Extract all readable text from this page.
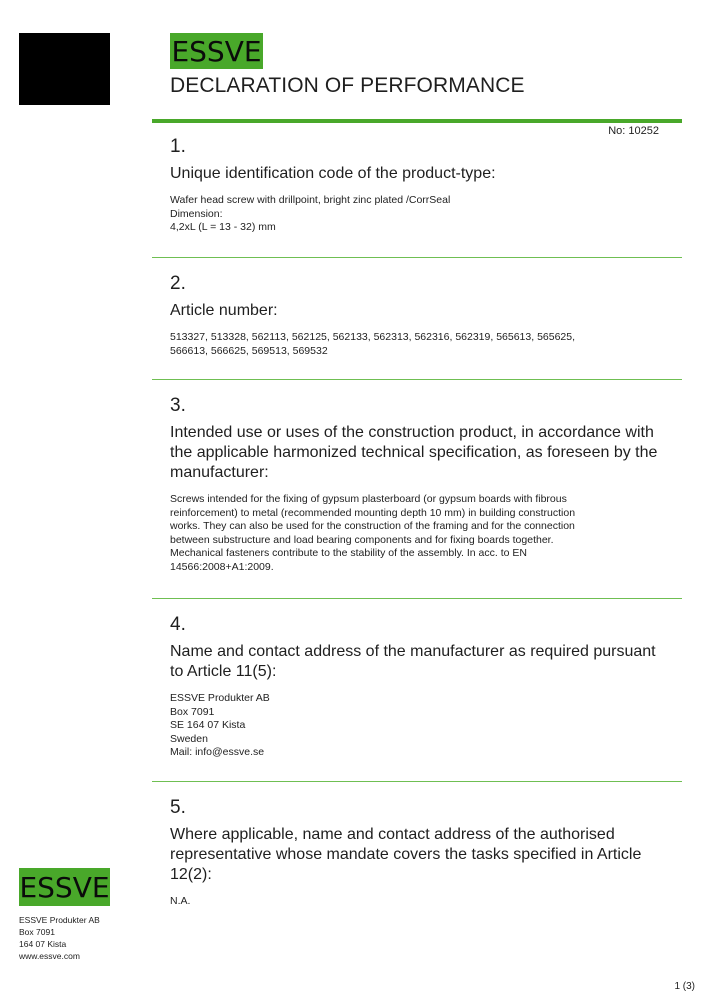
ESSVE
DECLARATION OF PERFORMANCE
No: 10252
1.
Unique identification code of the product-type:
Wafer head screw with drillpoint, bright zinc plated /CorrSeal
Dimension:
4,2xL (L = 13 - 32) mm
2.
Article number:
513327, 513328, 562113, 562125, 562133, 562313, 562316, 562319, 565613, 565625,
566613, 566625, 569513, 569532
3.
Intended use or uses of the construction product, in accordance with the applicable harmonized technical specification, as foreseen by the manufacturer:
Screws intended for the fixing of gypsum plasterboard (or gypsum boards with fibrous
reinforcement) to metal (recommended mounting depth 10 mm) in building construction
works. They can also be used for the construction of the framing and for the connection
between substructure and load bearing components and for fixing boards together.
Mechanical fasteners contribute to the stability of the assembly. In acc. to EN
14566:2008+A1:2009.
4.
Name and contact address of the manufacturer as required pursuant to Article 11(5):
ESSVE Produkter AB
Box 7091
SE 164 07 Kista
Sweden
Mail: info@essve.se
5.
Where applicable, name and contact address of the authorised representative whose mandate covers the tasks specified in Article 12(2):
N.A.
ESSVE
ESSVE Produkter AB
Box 7091
164 07 Kista
www.essve.com
1 (3)
